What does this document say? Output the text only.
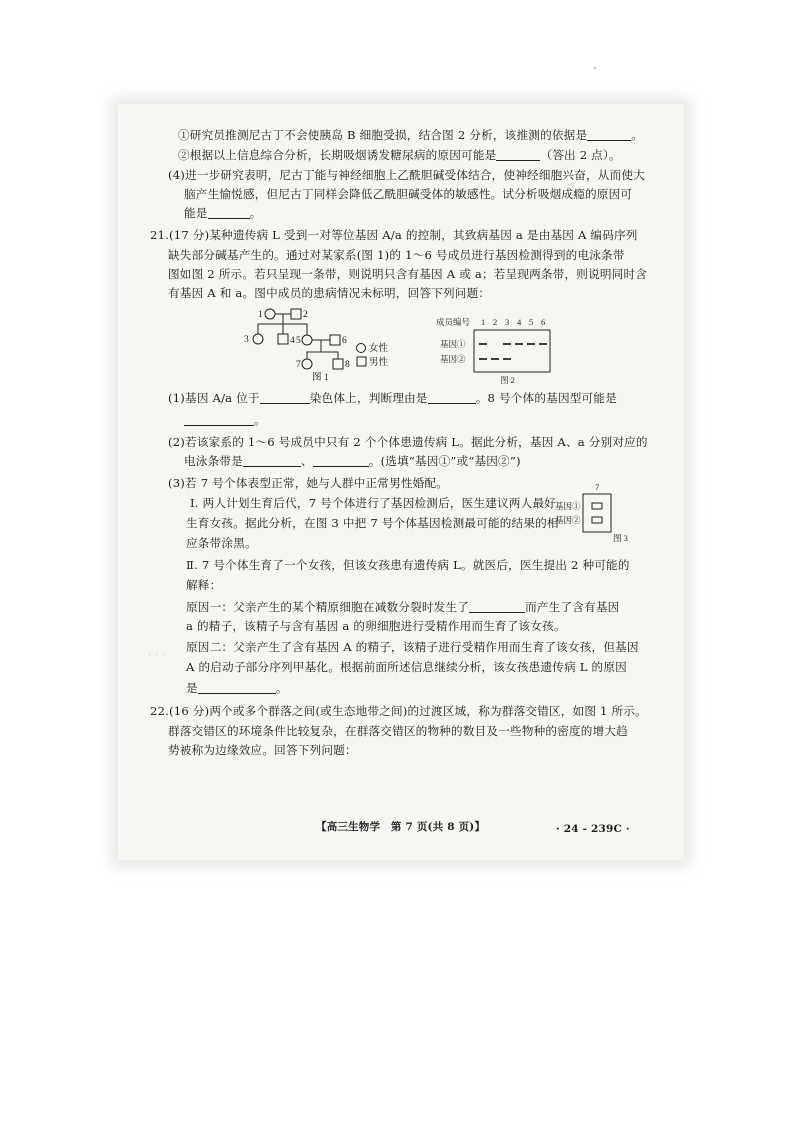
-
①研究员推测尼古丁不会使胰岛 B 细胞受损，结合图 2 分析，该推测的依据是	。
②根据以上信息综合分析，长期吸烟诱发糖尿病的原因可能是	（答出 2 点）。
(4)进一步研究表明，尼古丁能与神经细胞上乙酰胆碱受体结合，使神经细胞兴奋，从而使大
脑产生愉悦感，但尼古丁同样会降低乙酰胆碱受体的敏感性。试分析吸烟成瘾的原因可
能是	。
21.(17 分)某种遗传病 L 受到一对等位基因 A/a 的控制，其致病基因 a 是由基因 A 编码序列
缺失部分碱基产生的。通过对某家系(图 1)的 1～6 号成员进行基因检测得到的电泳条带
图如图 2 所示。若只呈现一条带，则说明只含有基因 A 或 a；若呈现两条带，则说明同时含
有基因 A 和 a。图中成员的患病情况未标明，回答下列问题：
1	2
3	4 5	6
7	8
女性
男性
图 1
成员编号 1 2 3 4 5 6
基因①
基因②
图 2
(1)基因 A/a 位于	染色体上，判断理由是	。8 号个体的基因型可能是
。
(2)若该家系的 1～6 号成员中只有 2 个个体患遗传病 L。据此分析，基因 A、a 分别对应的
电泳条带是	、	。(选填“基因①”或“基因②”)
(3)若 7 号个体表型正常，她与人群中正常男性婚配。
Ⅰ. 两人计划生育后代，7 号个体进行了基因检测后，医生建议两人最好
生育女孩。据此分析，在图 3 中把 7 号个体基因检测最可能的结果的相
应条带涂黑。
7
基因①
基因②
图 3
Ⅱ. 7 号个体生育了一个女孩，但该女孩患有遗传病 L。就医后，医生提出 2 种可能的
解释：
原因一：父亲产生的某个精原细胞在减数分裂时发生了	而产生了含有基因
a 的精子，该精子与含有基因 a 的卵细胞进行受精作用而生育了该女孩。
原因二：父亲产生了含有基因 A 的精子，该精子进行受精作用而生育了该女孩，但基因
A 的启动子部分序列甲基化。根据前面所述信息继续分析，该女孩患遗传病 L 的原因
是	。
· · ·
22.(16 分)两个或多个群落之间(或生态地带之间)的过渡区域，称为群落交错区，如图 1 所示。
群落交错区的环境条件比较复杂，在群落交错区的物种的数目及一些物种的密度的增大趋
势被称为边缘效应。回答下列问题：
【高三生物学　第 7 页(共 8 页)】	· 24 - 239C ·
